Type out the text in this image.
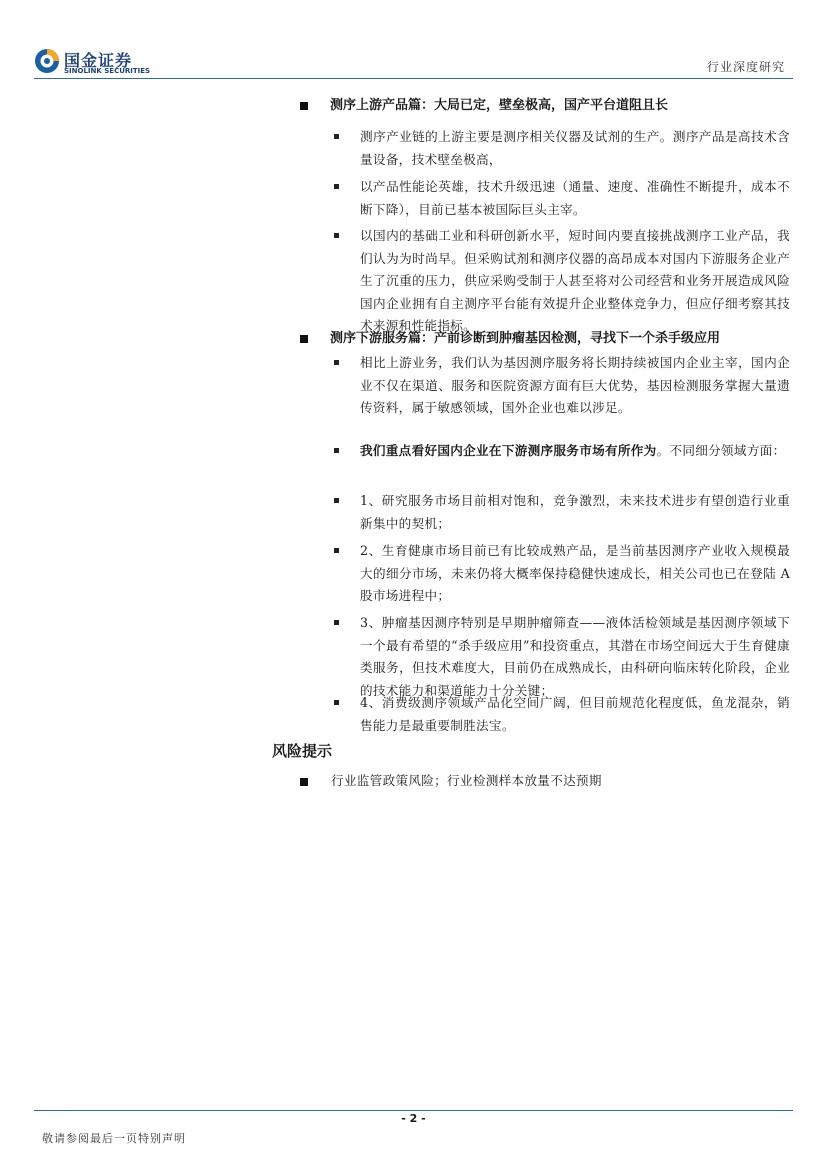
国金证券
SINOLINK SECURITIES	行业深度研究
测序上游产品篇：大局已定，壁垒极高，国产平台道阻且长
测序产业链的上游主要是测序相关仪器及试剂的生产。测序产品是高技术含量设备，技术壁垒极高，
以产品性能论英雄，技术升级迅速（通量、速度、准确性不断提升，成本不断下降），目前已基本被国际巨头主宰。
以国内的基础工业和科研创新水平，短时间内要直接挑战测序工业产品，我们认为为时尚早。但采购试剂和测序仪器的高昂成本对国内下游服务企业产生了沉重的压力，供应采购受制于人甚至将对公司经营和业务开展造成风险国内企业拥有自主测序平台能有效提升企业整体竞争力，但应仔细考察其技术来源和性能指标。
测序下游服务篇：产前诊断到肿瘤基因检测，寻找下一个杀手级应用
相比上游业务，我们认为基因测序服务将长期持续被国内企业主宰，国内企业不仅在渠道、服务和医院资源方面有巨大优势，基因检测服务掌握大量遗传资料，属于敏感领域，国外企业也难以涉足。
我们重点看好国内企业在下游测序服务市场有所作为。不同细分领域方面：
1、研究服务市场目前相对饱和，竞争激烈，未来技术进步有望创造行业重新集中的契机；
2、生育健康市场目前已有比较成熟产品，是当前基因测序产业收入规模最大的细分市场，未来仍将大概率保持稳健快速成长，相关公司也已在登陆 A 股市场进程中；
3、肿瘤基因测序特别是早期肿瘤筛查——液体活检领域是基因测序领域下一个最有希望的“杀手级应用”和投资重点，其潜在市场空间远大于生育健康类服务，但技术难度大，目前仍在成熟成长，由科研向临床转化阶段，企业的技术能力和渠道能力十分关键；
4、消费级测序领域产品化空间广阔，但目前规范化程度低，鱼龙混杂，销售能力是最重要制胜法宝。
风险提示
行业监管政策风险；行业检测样本放量不达预期
- 2 -
敬请参阅最后一页特别声明
